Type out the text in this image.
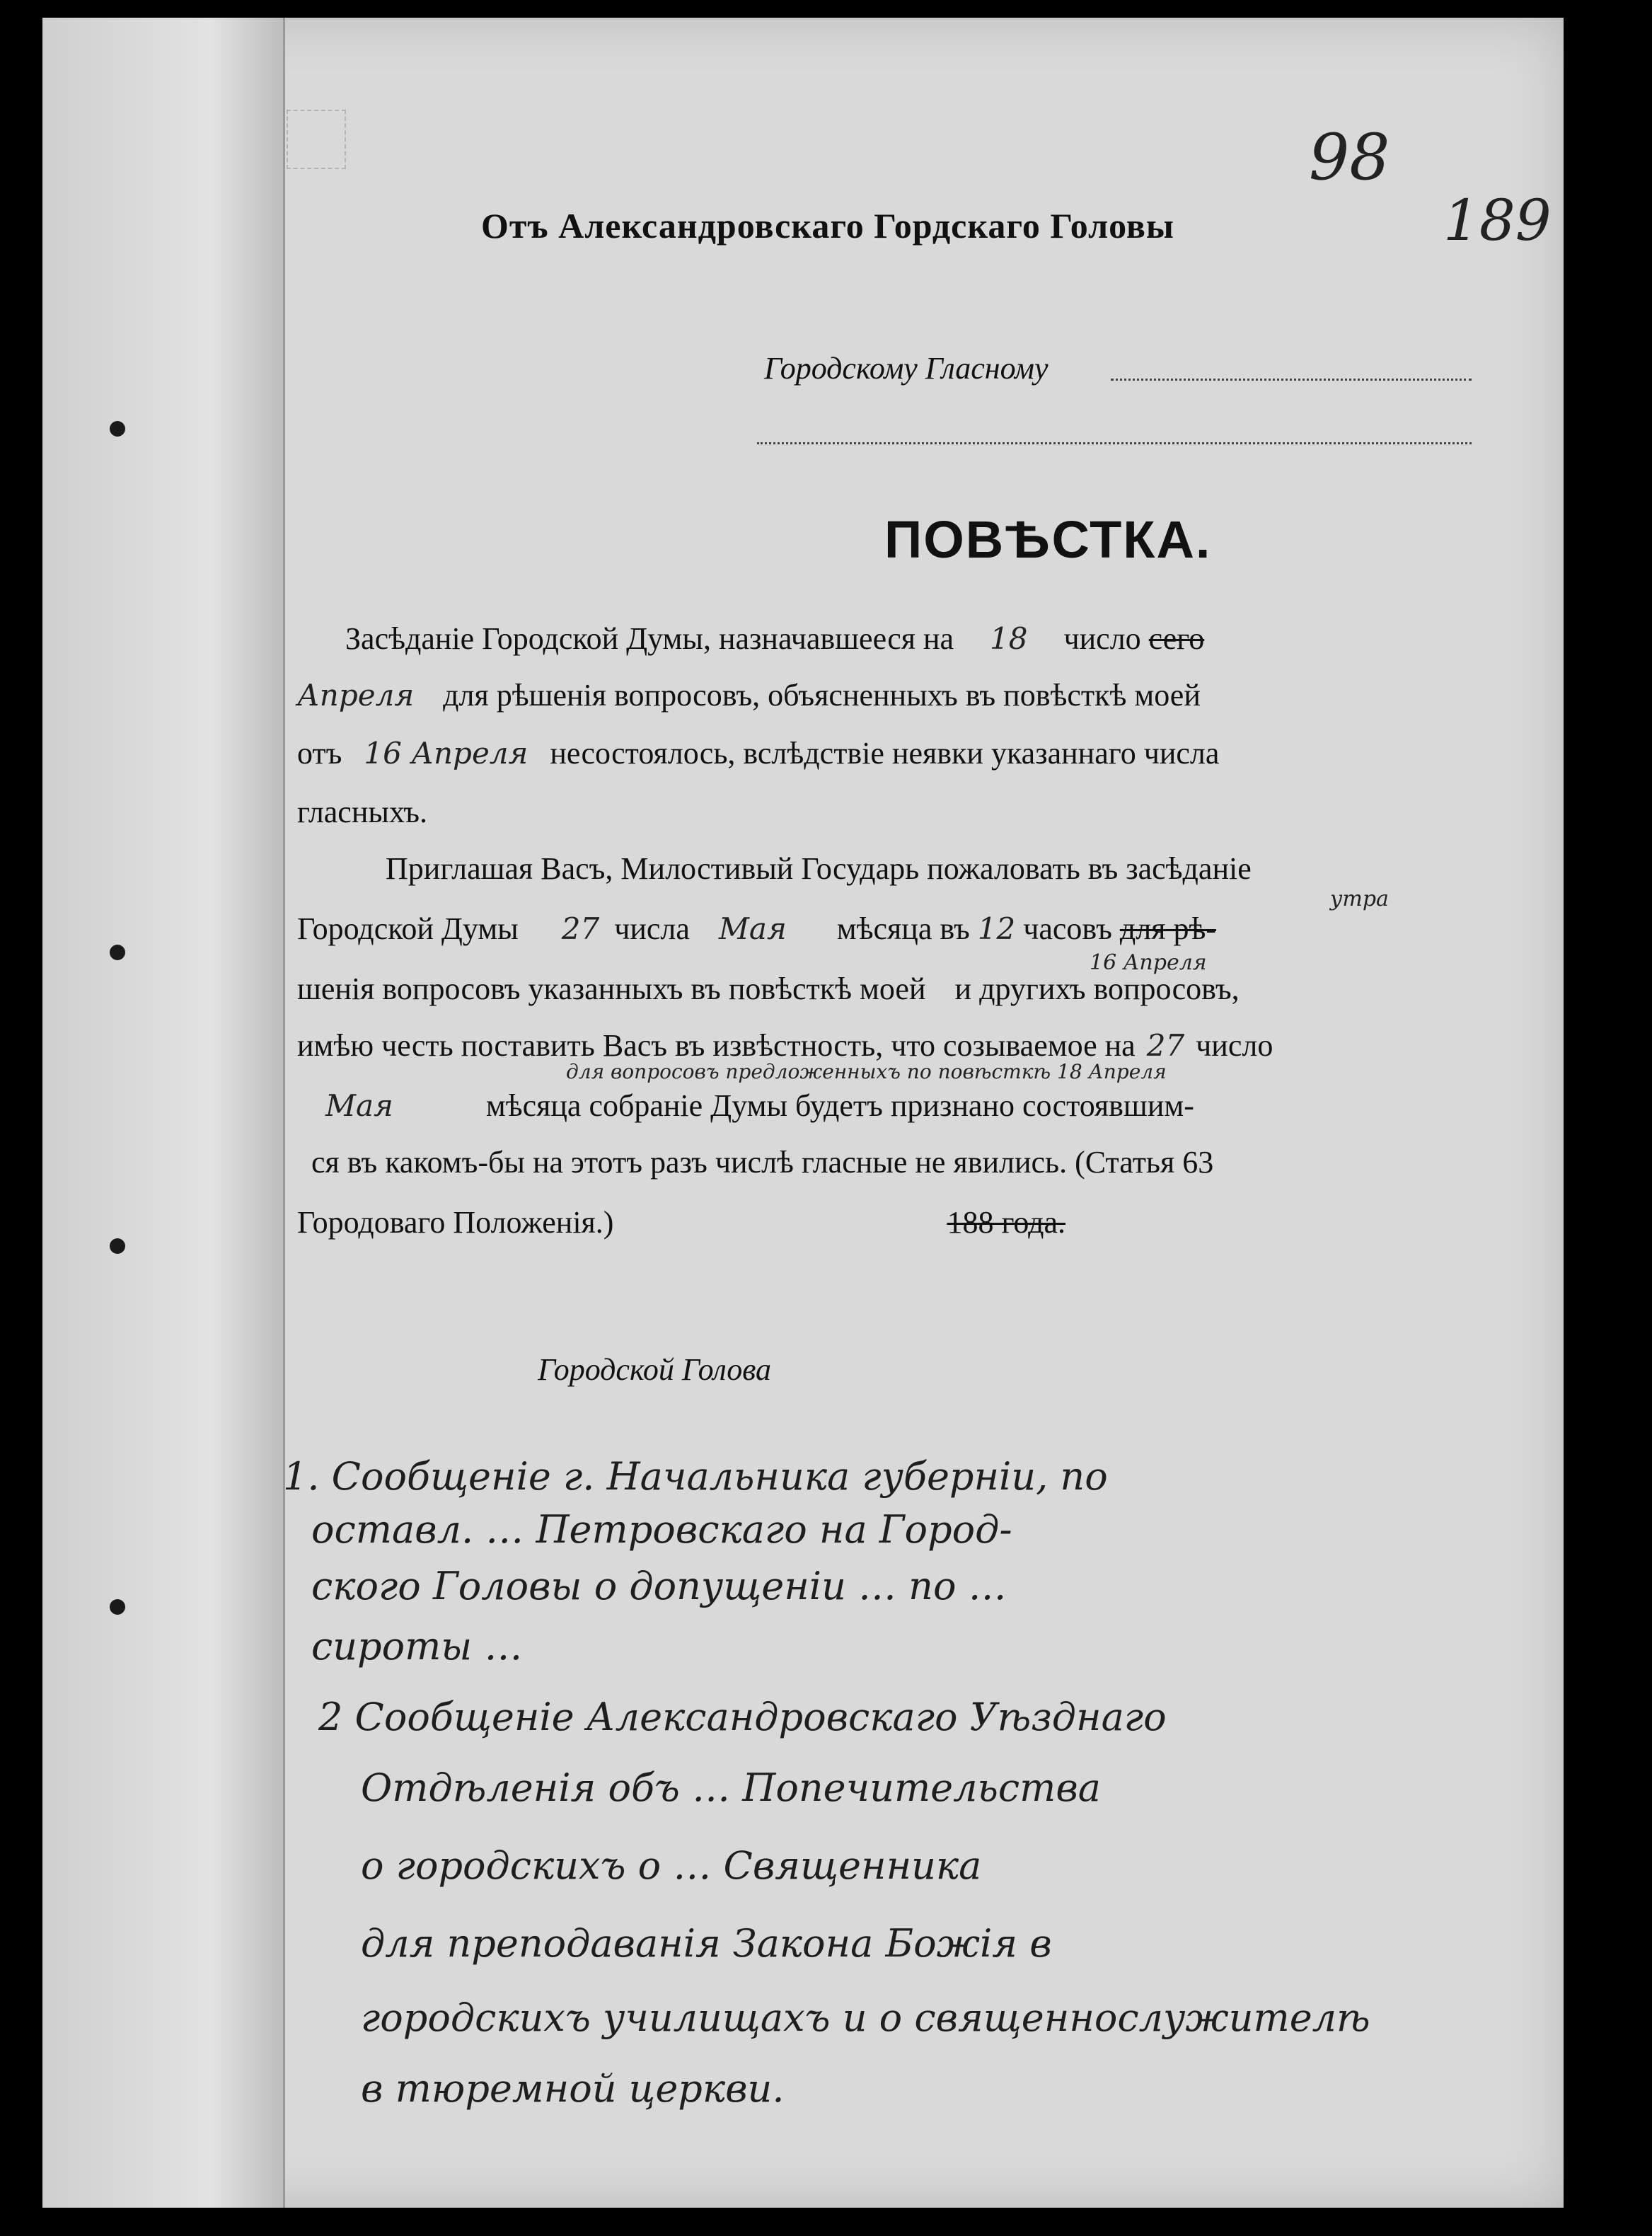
98
189
Отъ Александровскаго Гордскаго Головы
Городскому Гласному
ПОВѢСТКА.
Засѣданіе Городской Думы, назначавшееся на 18 число сего
Апреля для рѣшенія вопросовъ, объясненныхъ въ повѣсткѣ моей
отъ 16 Апреля несостоялось, вслѣдствіе неявки указаннаго числа
гласныхъ.
Приглашая Васъ, Милостивый Государь пожаловать въ засѣданіе
Городской Думы 27 числа Мая мѣсяца въ 12 часовъ для рѣ-
утра
шенія вопросовъ указанныхъ въ повѣсткѣ моей и другихъ вопросовъ,
16 Апреля
имѣю честь поставить Васъ въ извѣстность, что созываемое на 27 число
Мая	мѣсяца собраніе Думы будетъ признано состоявшим-
для вопросовъ предложенныхъ по повѣсткѣ 18 Апреля
ся въ какомъ-бы на этотъ разъ числѣ гласные не явились. (Статья 63
Городоваго Положенія.)	188 года.
Городской Голова
1. Сообщеніе г. Начальника губерніи, по
оставл. … Петровскаго на Город-
ского Головы о допущеніи … по …
сироты …
2 Сообщеніе Александровскаго Уѣзднаго
Отдѣленія объ … Попечительства
о городскихъ о … Священника
для преподаванія Закона Божія в
городскихъ училищахъ и о священнослужителѣ
в тюремной церкви.
